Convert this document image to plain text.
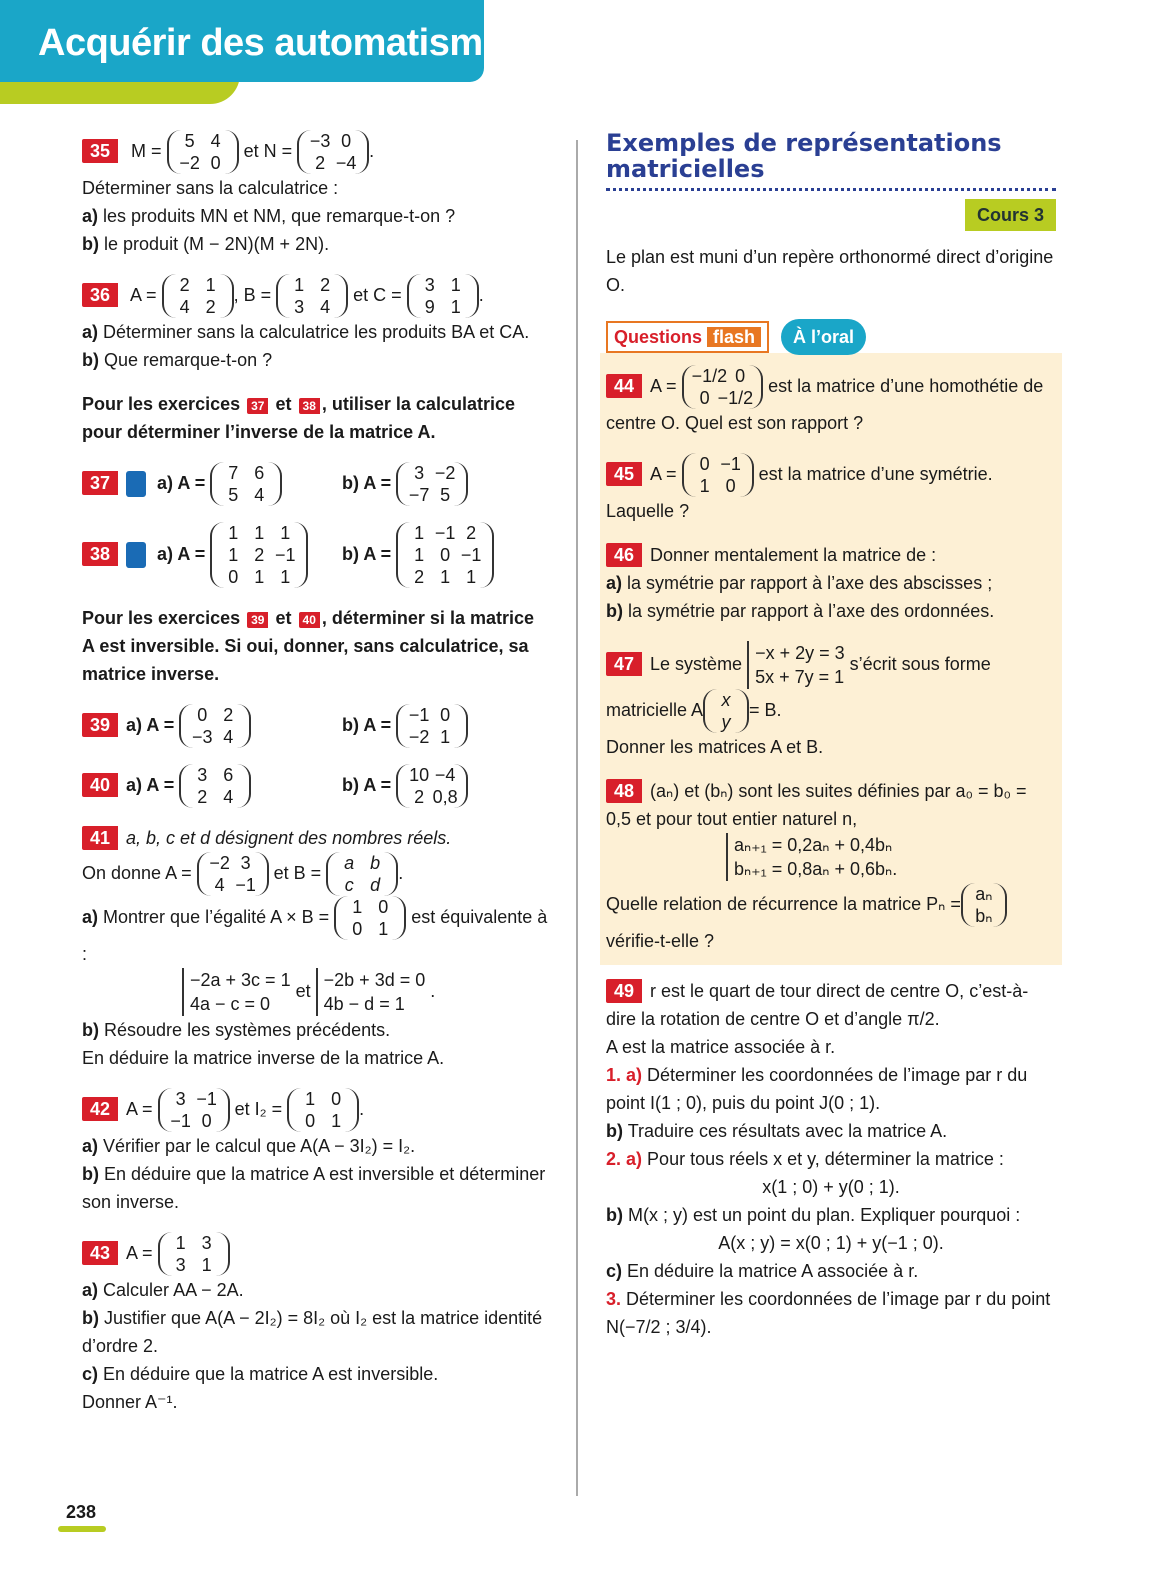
Acquérir des automatismes

35 M = 5 4
−2 0 et N = −3 0
2 −4.

Déterminer sans la calculatrice :

a) les produits MN et NM, que remarque-t-on ?

b) le produit (M − 2N)(M + 2N).

36 A = 2 1
4 2, B = 1 2
3 4 et C = 3 1
9 1.

a) Déterminer sans la calculatrice les produits BA et CA.

b) Que remarque-t-on ?

Pour les exercices 37 et 38 , utiliser la calculatrice pour déterminer l’inverse de la matrice A.

37	a) A = 7 6
5 4
b) A = 3 −2
−7 5
38	a) A = 1 1 1
1 2 −1
0 1 1
b) A = 1 −1 2
1 0 −1
2 1 1

Pour les exercices 39 et 40 , déterminer si la matrice A est inversible. Si oui, donner, sans calculatrice, sa matrice inverse.

39 a) A = 0 2
−3 4
b) A = −1 0
−2 1
40 a) A = 3 6
2 4
b) A = 10 −4
2 0,8

41 a, b, c et d désignent des nombres réels.

On donne A = −2 3
4 −1 et B = a b
c d.

a) Montrer que l’égalité A × B = 1 0
0 1 est équivalente à :

−2a + 3c = 1
4a − c = 0 et −2b + 3d = 0
4b − d = 1 .

b) Résoudre les systèmes précédents.

En déduire la matrice inverse de la matrice A.

42 A = 3 −1
−1 0 et I₂ = 1 0
0 1.

a) Vérifier par le calcul que A(A − 3I₂) = I₂.

b) En déduire que la matrice A est inversible et déterminer son inverse.

43 A = 1 3
3 1

a) Calculer AA − 2A.

b) Justifier que A(A − 2I₂) = 8I₂ où I₂ est la matrice identité d’ordre 2.

c) En déduire que la matrice A est inversible.

Donner A⁻¹.

Exemples de représentations matricielles
Cours 3

Le plan est muni d’un repère orthonormé direct d’origine O.

Questions flash À l’oral

44 A = −1/2 0
0 −1/2 est la matrice d’une homothétie de centre O. Quel est son rapport ?

45 A = 0 −1
1 0 est la matrice d’une symétrie. Laquelle ?

46 Donner mentalement la matrice de :

a) la symétrie par rapport à l’axe des abscisses ;

b) la symétrie par rapport à l’axe des ordonnées.

47 Le système −x + 2y = 3
5x + 7y = 1 s’écrit sous forme

matricielle A x
y= B.

Donner les matrices A et B.

48 (aₙ) et (bₙ) sont les suites définies par a₀ = b₀ = 0,5 et pour tout entier naturel n,

aₙ₊₁ = 0,2aₙ + 0,4bₙ
bₙ₊₁ = 0,8aₙ + 0,6bₙ.

Quelle relation de récurrence la matrice Pₙ = aₙ
bₙ

vérifie-t-elle ?

49 r est le quart de tour direct de centre O, c’est-à-dire la rotation de centre O et d’angle π/2.

A est la matrice associée à r.

1. a) Déterminer les coordonnées de l’image par r du point I(1 ; 0), puis du point J(0 ; 1).

b) Traduire ces résultats avec la matrice A.

2. a) Pour tous réels x et y, déterminer la matrice :

x(1 ; 0) + y(0 ; 1).

b) M(x ; y) est un point du plan. Expliquer pourquoi :

A(x ; y) = x(0 ; 1) + y(−1 ; 0).

c) En déduire la matrice A associée à r.

3. Déterminer les coordonnées de l’image par r du point N(−7/2 ; 3/4).

238
